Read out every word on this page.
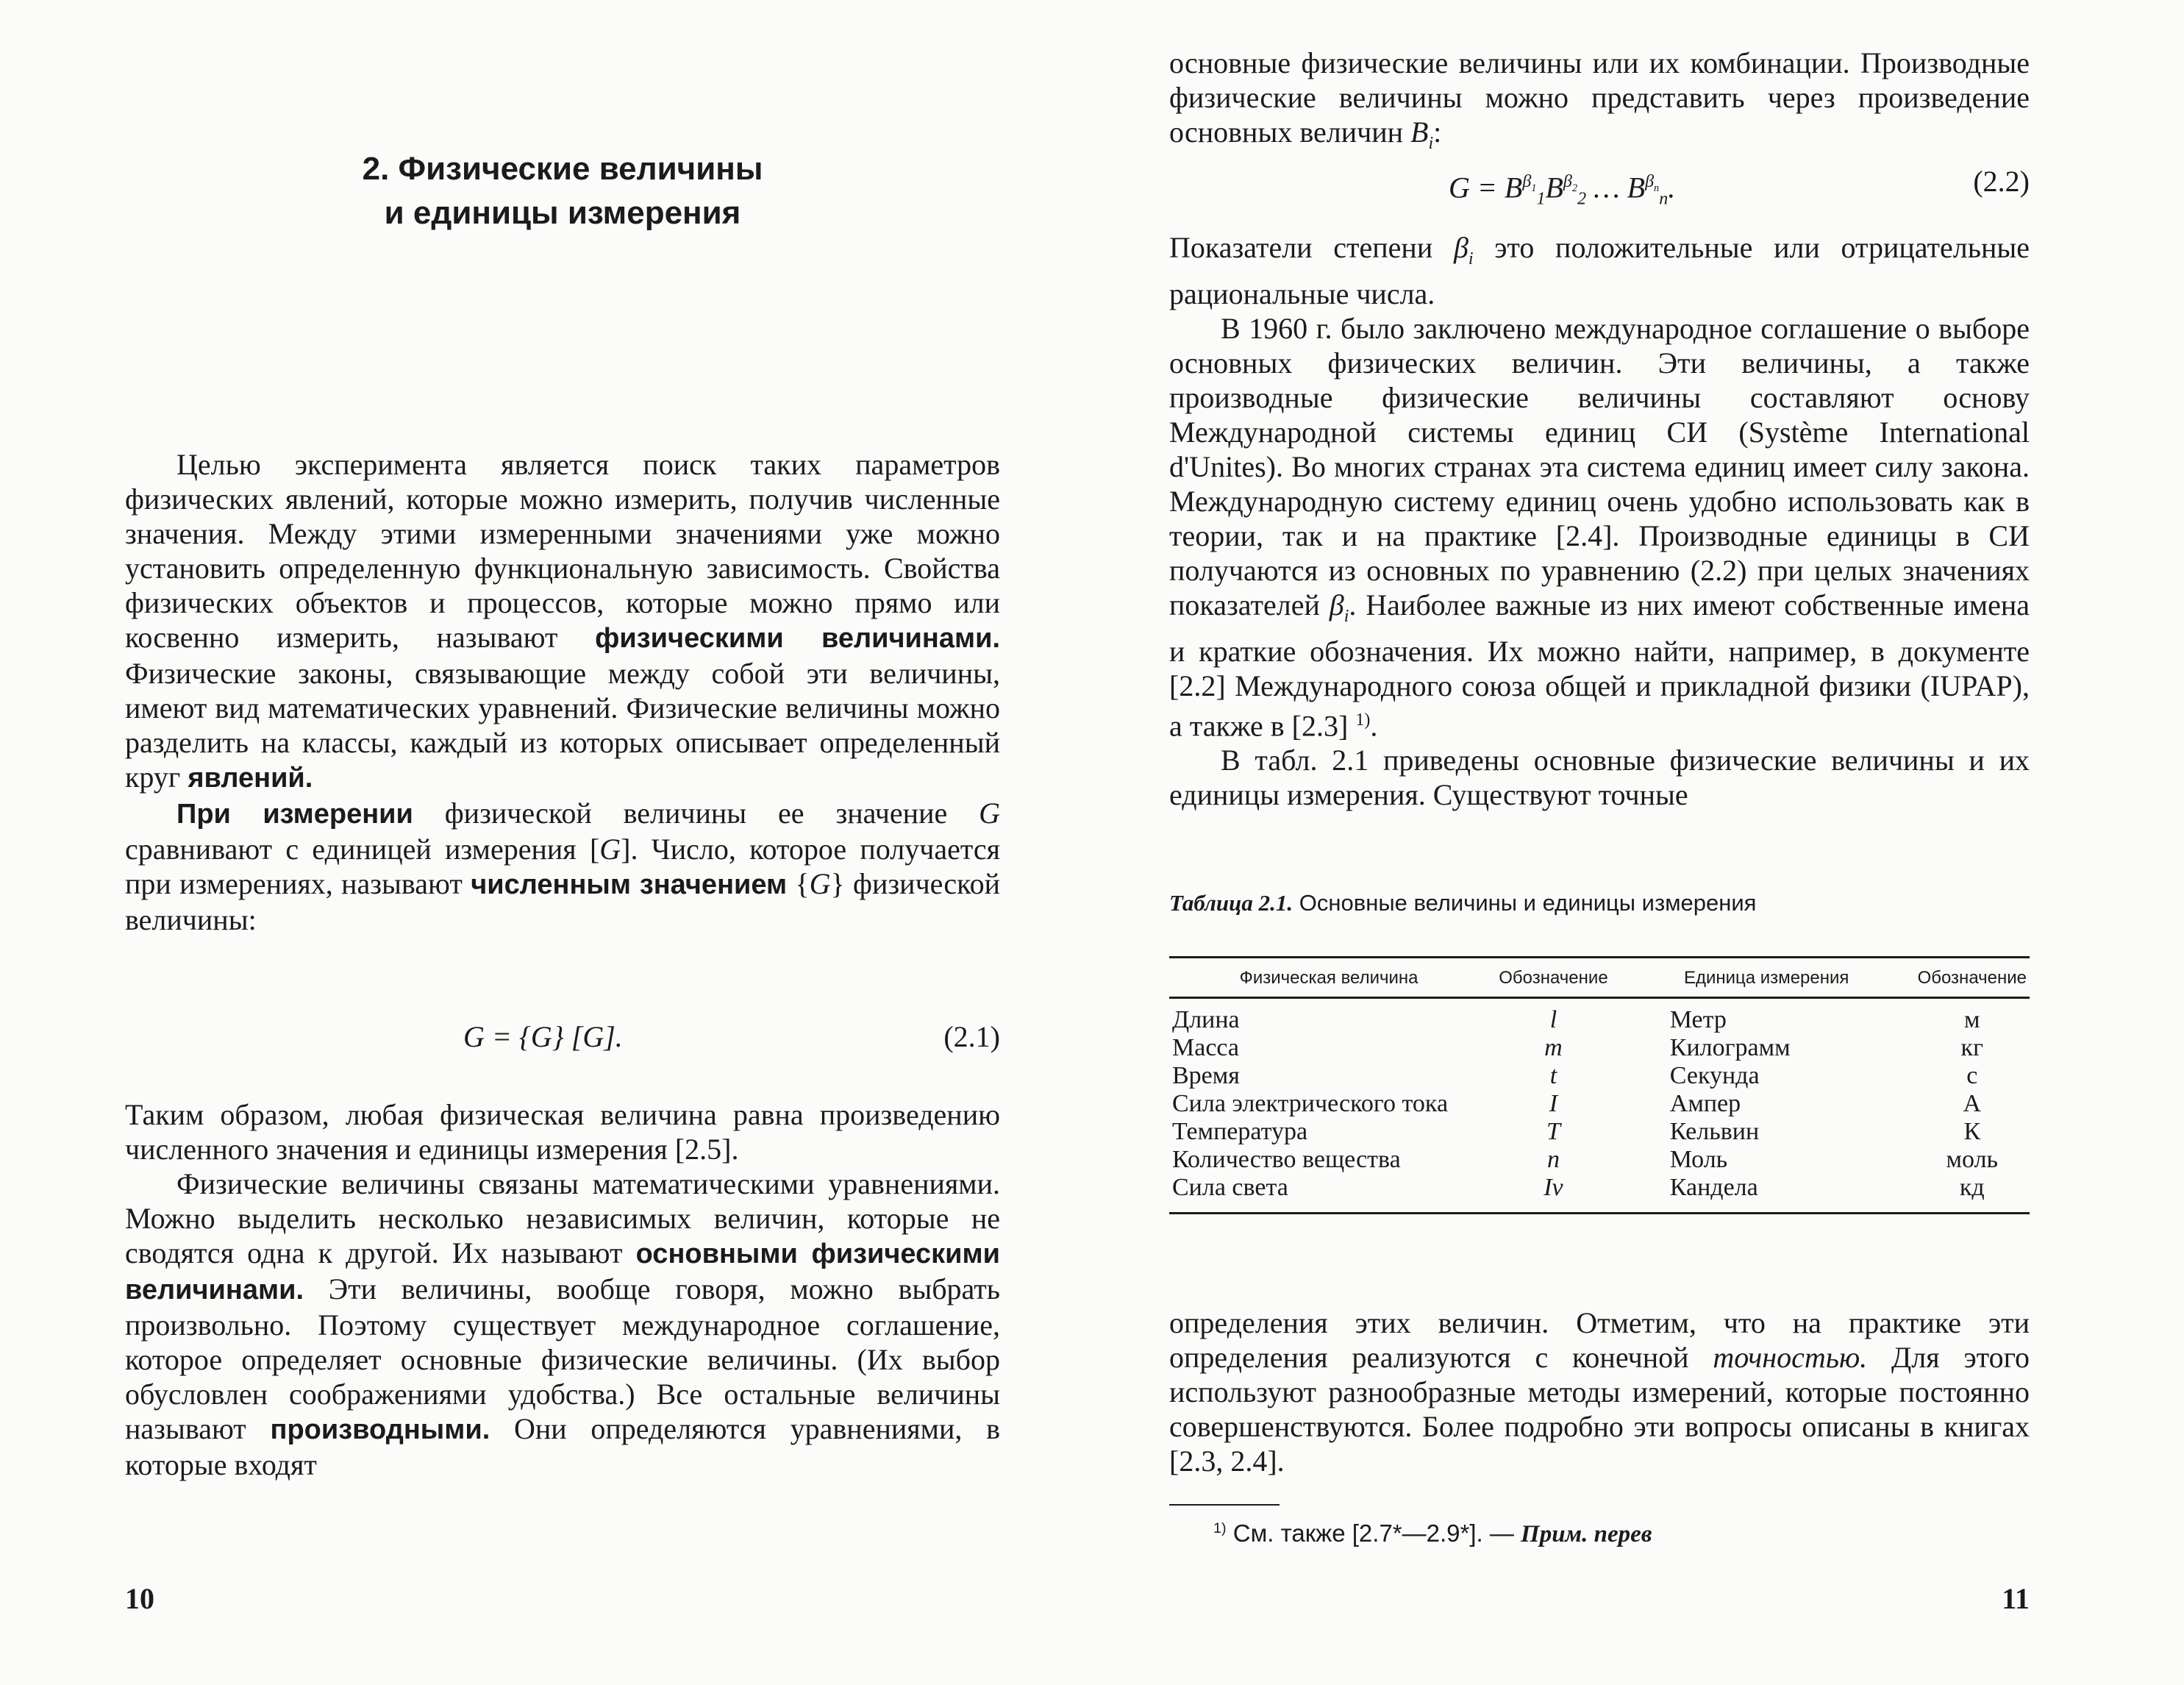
2. Физические величины
и единицы измерения

Целью эксперимента является поиск таких параметров физических явлений, которые можно измерить, получив численные значения. Между этими измеренными значениями уже можно установить определенную функциональную зависимость. Свойства физических объектов и процессов, которые можно прямо или косвенно измерить, называют физическими величинами. Физические законы, связывающие между собой эти величины, имеют вид математических уравнений. Физические величины можно разделить на классы, каждый из которых описывает определенный круг явлений.

При измерении физической величины ее значение G сравнивают с единицей измерения [G]. Число, которое получается при измерениях, называют численным значением {G} физической величины:

G = {G} [G].	(2.1)

Таким образом, любая физическая величина равна произведению численного значения и единицы измерения [2.5].

Физические величины связаны математическими уравнениями. Можно выделить несколько независимых величин, которые не сводятся одна к другой. Их называют основными физическими величинами. Эти величины, вообще говоря, можно выбрать произвольно. Поэтому существует международное соглашение, которое определяет основные физические величины. (Их выбор обусловлен соображениями удобства.) Все остальные величины называют производными. Они определяются уравнениями, в которые входят

10

основные физические величины или их комбинации. Производные физические величины можно представить через произведение основных величин $B_i$:

$G = B^{\beta_1}_1B^{\beta_2}_2$ … $B^{\beta_n}_n$.	(2.2)

Показатели степени $\beta_i$ это положительные или отрицательные рациональные числа.

В 1960 г. было заключено международное соглашение о выборе основных физических величин. Эти величины, а также производные физические величины составляют основу Международной системы единиц СИ (Système International d'Unites). Во многих странах эта система единиц имеет силу закона. Международную систему единиц очень удобно использовать как в теории, так и на практике [2.4]. Производные единицы в СИ получаются из основных по уравнению (2.2) при целых значениях показателей $\beta_i$. Наиболее важные из них имеют собственные имена и краткие обозначения. Их можно найти, например, в документе [2.2] Международного союза общей и прикладной физики (IUPAP), а также в [2.3] $^{1)}$.

В табл. 2.1 приведены основные физические величины и их единицы измерения. Существуют точные

Таблица 2.1. Основные величины и единицы измерения
Физическая величина	Обозначение	Единица измерения	Обозначение
Длина	l	Метр	м
Масса	m	Килограмм	кг
Время	t	Секунда	с
Сила электрического тока	I	Ампер	А
Температура	T	Кельвин	К
Количество вещества	n	Моль	моль
Сила света	Iv	Кандела	кд

определения этих величин. Отметим, что на практике эти определения реализуются с конечной точностью. Для этого используют разнообразные методы измерений, которые постоянно совершенствуются. Более подробно эти вопросы описаны в книгах [2.3, 2.4].

$^{1)}$ См. также [2.7*—2.9*]. — Прим. перев
11
